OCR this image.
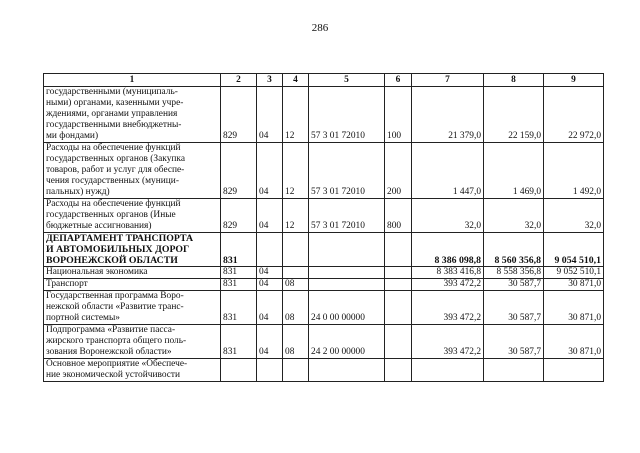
286
1	2	3	4	5	6	7	8	9
государственными (муниципаль-
ными) органами, казенными учре-
ждениями, органами управления
государственными внебюджетны-
ми фондами)	829	04	12	57 3 01 72010	100	21 379,0	22 159,0	22 972,0
Расходы на обеспечение функций
государственных органов (Закупка
товаров, работ и услуг для обеспе-
чения государственных (муници-
пальных) нужд)	829	04	12	57 3 01 72010	200	1 447,0	1 469,0	1 492,0
Расходы на обеспечение функций
государственных органов (Иные
бюджетные ассигнования)	829	04	12	57 3 01 72010	800	32,0	32,0	32,0
ДЕПАРТАМЕНТ ТРАНСПОРТА
И АВТОМОБИЛЬНЫХ ДОРОГ
ВОРОНЕЖСКОЙ ОБЛАСТИ	831					8 386 098,8	8 560 356,8	9 054 510,1
Национальная экономика	831	04				8 383 416,8	8 558 356,8	9 052 510,1
Транспорт	831	04	08			393 472,2	30 587,7	30 871,0
Государственная программа Воро-
нежской области «Развитие транс-
портной системы»	831	04	08	24 0 00 00000		393 472,2	30 587,7	30 871,0
Подпрограмма «Развитие пасса-
жирского транспорта общего поль-
зования Воронежской области»	831	04	08	24 2 00 00000		393 472,2	30 587,7	30 871,0
Основное мероприятие «Обеспече-
ние экономической устойчивости								
